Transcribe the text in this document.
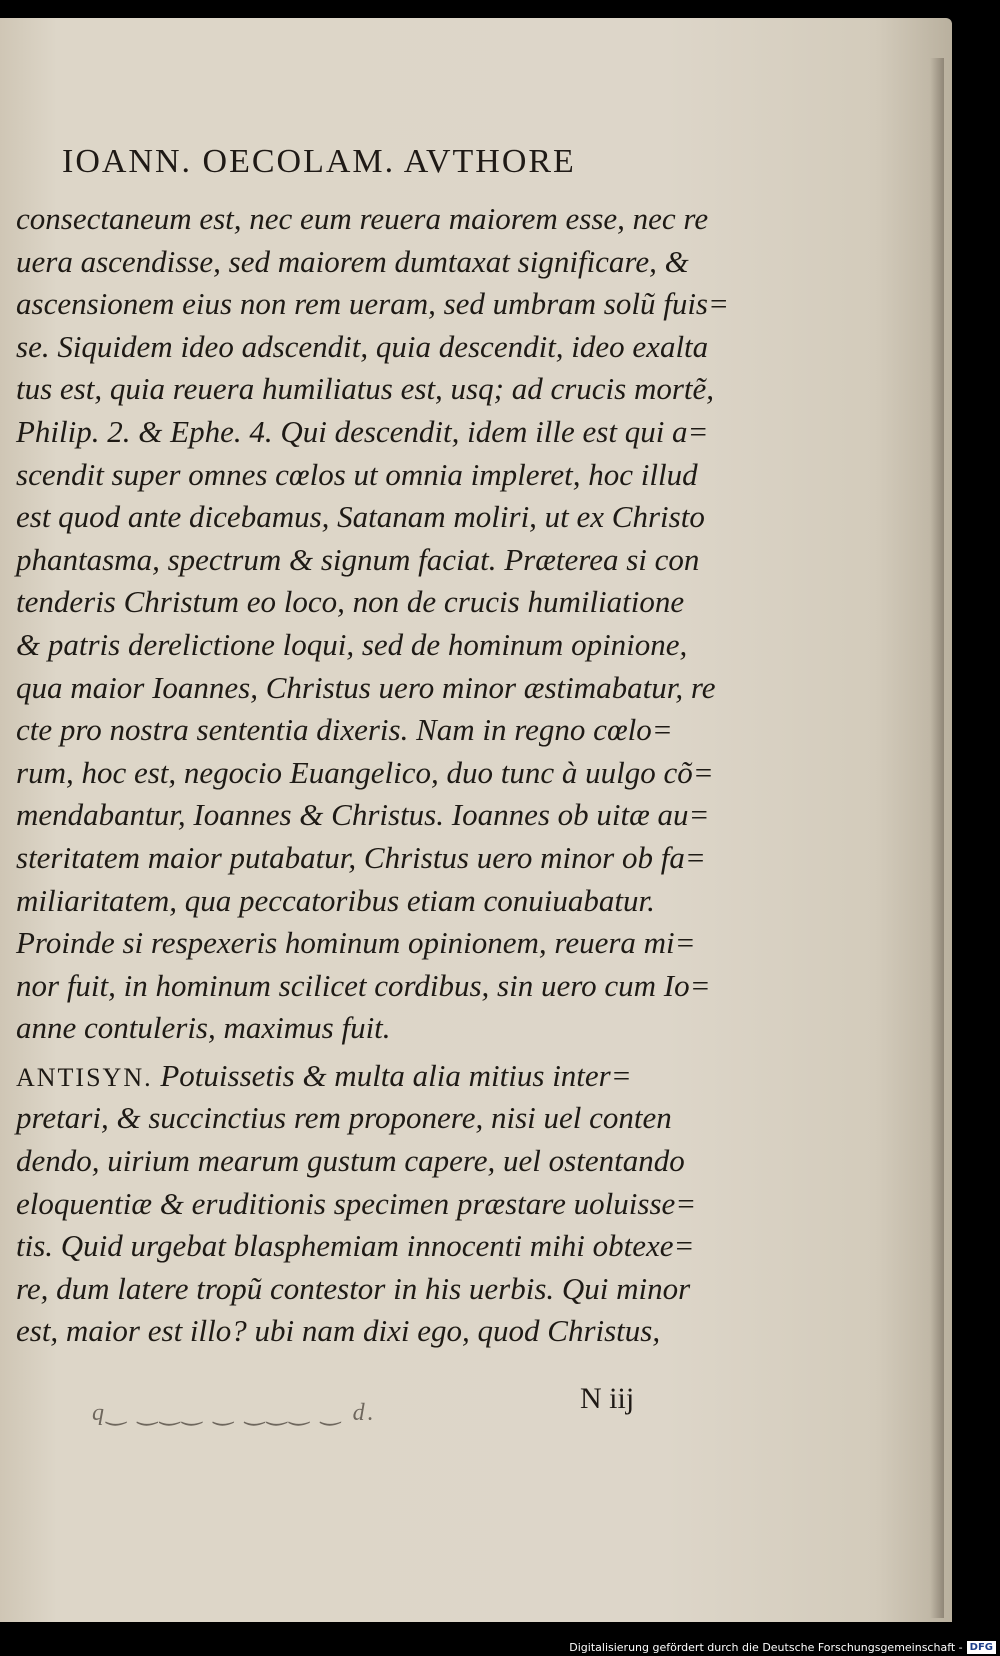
IOANN. OECOLAM. AVTHORE
consectaneum est, nec eum reuera maiorem esse, nec re
uera ascendisse, sed maiorem dumtaxat significare, &
ascensionem eius non rem ueram, sed umbram solũ fuis=
se. Siquidem ideo adscendit, quia descendit, ideo exalta
tus est, quia reuera humiliatus est, usq; ad crucis mortẽ,
Philip. 2. & Ephe. 4. Qui descendit, idem ille est qui a=
scendit super omnes cœlos ut omnia impleret, hoc illud
est quod ante dicebamus, Satanam moliri, ut ex Christo
phantasma, spectrum & signum faciat. Præterea si con
tenderis Christum eo loco, non de crucis humiliatione
& patris derelictione loqui, sed de hominum opinione,
qua maior Ioannes, Christus uero minor æstimabatur, re
cte pro nostra sententia dixeris. Nam in regno cœlo=
rum, hoc est, negocio Euangelico, duo tunc à uulgo cõ=
mendabantur, Ioannes & Christus. Ioannes ob uitæ au=
steritatem maior putabatur, Christus uero minor ob fa=
miliaritatem, qua peccatoribus etiam conuiuabatur.
Proinde si respexeris hominum opinionem, reuera mi=
nor fuit, in hominum scilicet cordibus, sin uero cum Io=
anne contuleris, maximus fuit.
ANTISYN. Potuissetis & multa alia mitius inter=
pretari, & succinctius rem proponere, nisi uel conten
dendo, uirium mearum gustum capere, uel ostentando
eloquentiæ & eruditionis specimen præstare uoluisse=
tis. Quid urgebat blasphemiam innocenti mihi obtexe=
re, dum latere tropũ contestor in his uerbis. Qui minor
est, maior est illo? ubi nam dixi ego, quod Christus,
q‿ ‿‿‿ ‿ ‿‿‿ ‿ d.	N iij
Digitalisierung gefördert durch die Deutsche Forschungsgemeinschaft - DFG
